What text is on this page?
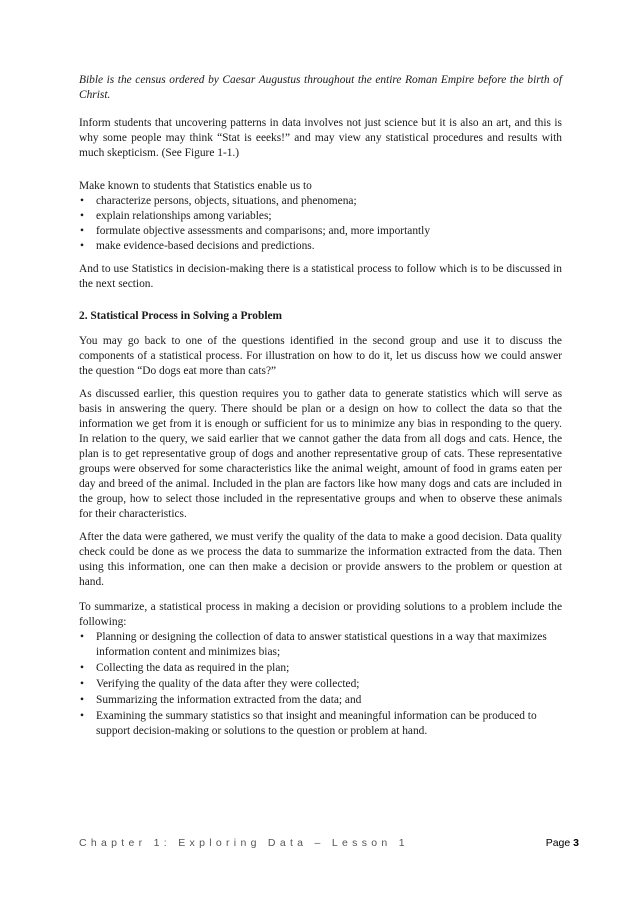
Bible is the census ordered by Caesar Augustus throughout the entire Roman Empire before the birth of Christ.

Inform students that uncovering patterns in data involves not just science but it is also an art, and this is why some people may think “Stat is eeeks!” and may view any statistical procedures and results with much skepticism. (See Figure 1-1.)

Make known to students that Statistics enable us to

• characterize persons, objects, situations, and phenomena;
• explain relationships among variables;
• formulate objective assessments and comparisons; and, more importantly
• make evidence-based decisions and predictions.

And to use Statistics in decision-making there is a statistical process to follow which is to be discussed in the next section.

2. Statistical Process in Solving a Problem

You may go back to one of the questions identified in the second group and use it to discuss the components of a statistical process. For illustration on how to do it, let us discuss how we could answer the question “Do dogs eat more than cats?”

As discussed earlier, this question requires you to gather data to generate statistics which will serve as basis in answering the query. There should be plan or a design on how to collect the data so that the information we get from it is enough or sufficient for us to minimize any bias in responding to the query. In relation to the query, we said earlier that we cannot gather the data from all dogs and cats. Hence, the plan is to get representative group of dogs and another representative group of cats. These representative groups were observed for some characteristics like the animal weight, amount of food in grams eaten per day and breed of the animal. Included in the plan are factors like how many dogs and cats are included in the group, how to select those included in the representative groups and when to observe these animals for their characteristics.

After the data were gathered, we must verify the quality of the data to make a good decision. Data quality check could be done as we process the data to summarize the information extracted from the data. Then using this information, one can then make a decision or provide answers to the problem or question at hand.

To summarize, a statistical process in making a decision or providing solutions to a problem include the following:

• Planning or designing the collection of data to answer statistical questions in a way that maximizes information content and minimizes bias;
• Collecting the data as required in the plan;
• Verifying the quality of the data after they were collected;
• Summarizing the information extracted from the data; and
• Examining the summary statistics so that insight and meaningful information can be produced to support decision-making or solutions to the question or problem at hand.
Chapter 1: Exploring Data – Lesson 1	Page 3
